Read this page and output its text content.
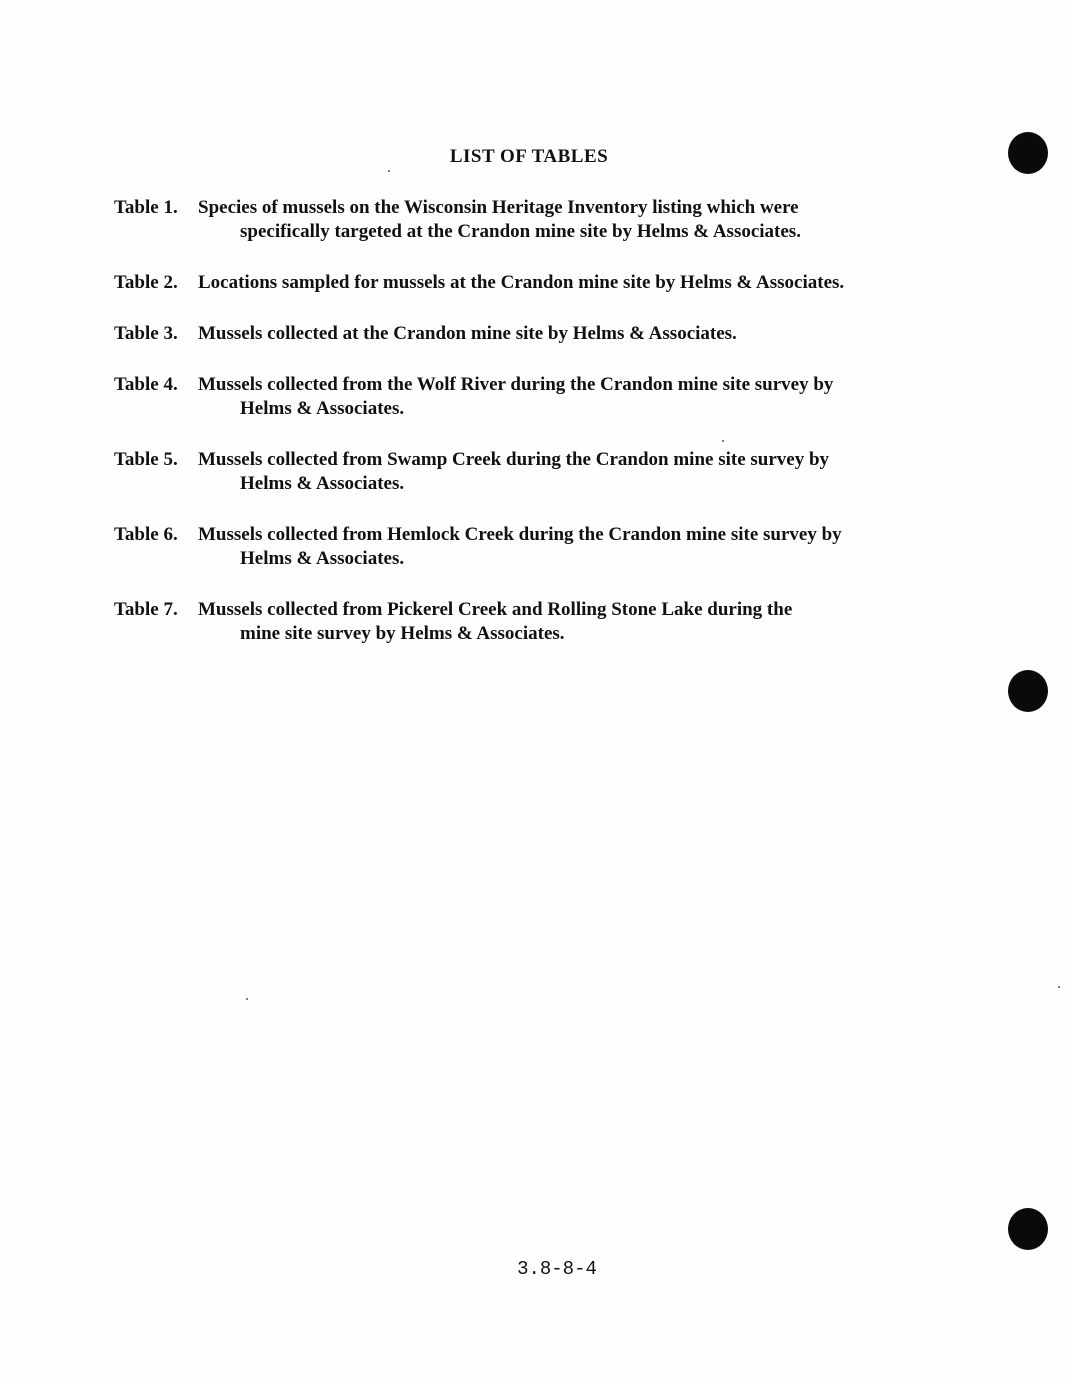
LIST OF TABLES
Table 1.	Species of mussels on the Wisconsin Heritage Inventory listing which were
specifically targeted at the Crandon mine site by Helms & Associates.
Table 2.	Locations sampled for mussels at the Crandon mine site by Helms & Associates.
Table 3.	Mussels collected at the Crandon mine site by Helms & Associates.
Table 4.	Mussels collected from the Wolf River during the Crandon mine site survey by
Helms & Associates.
Table 5.	Mussels collected from Swamp Creek during the Crandon mine site survey by
Helms & Associates.
Table 6.	Mussels collected from Hemlock Creek during the Crandon mine site survey by
Helms & Associates.
Table 7.	Mussels collected from Pickerel Creek and Rolling Stone Lake during the
mine site survey by Helms & Associates.
3.8-8-4
